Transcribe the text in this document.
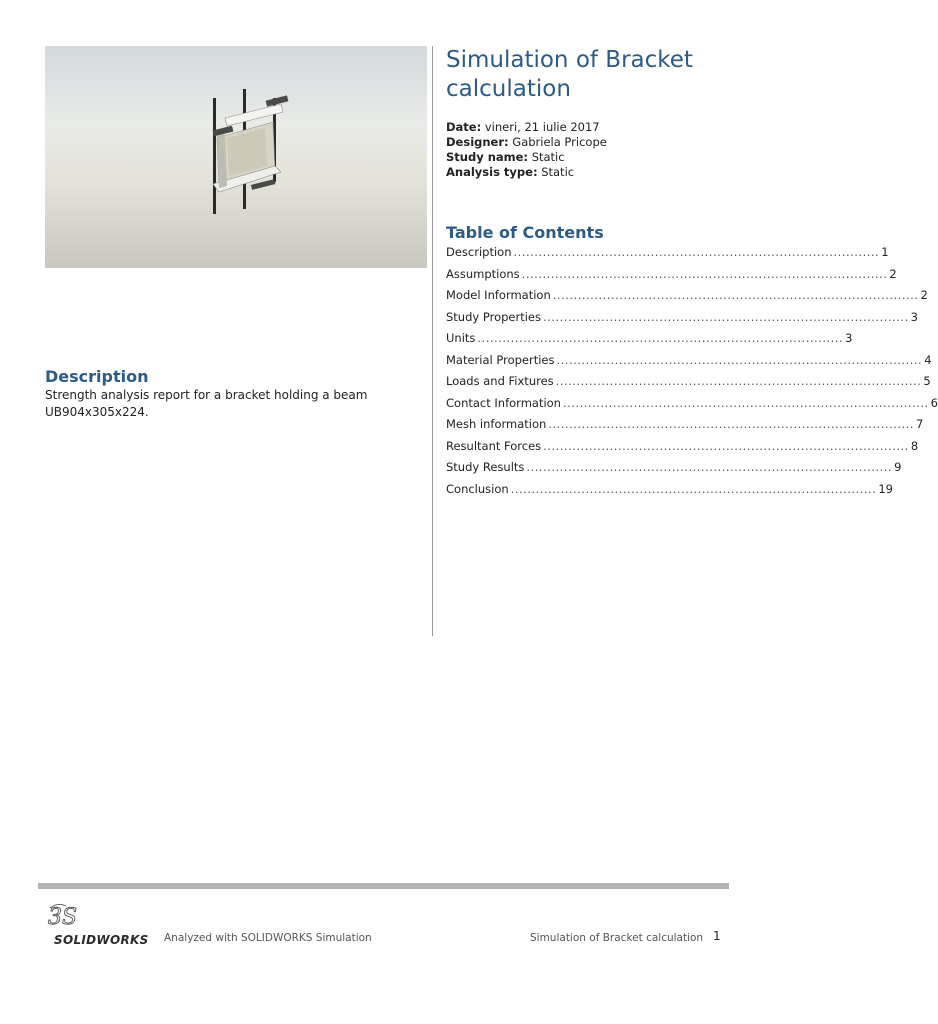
Simulation of Bracket calculation
Date: vineri, 21 iulie 2017
Designer: Gabriela Pricope
Study name: Static
Analysis type: Static
Table of Contents
Description ........................................................................................ 1
Assumptions ........................................................................................ 2
Model Information ........................................................................................ 2
Study Properties ........................................................................................ 3
Units ........................................................................................ 3
Material Properties ........................................................................................ 4
Loads and Fixtures ........................................................................................ 5
Contact Information ........................................................................................ 6
Mesh information ........................................................................................ 7
Resultant Forces ........................................................................................ 8
Study Results ........................................................................................ 9
Conclusion ........................................................................................ 19
Description
Strength analysis report for a bracket holding a beam UB904x305x224.
3S
SOLIDWORKS Analyzed with SOLIDWORKS Simulation	Simulation of Bracket calculation 1
